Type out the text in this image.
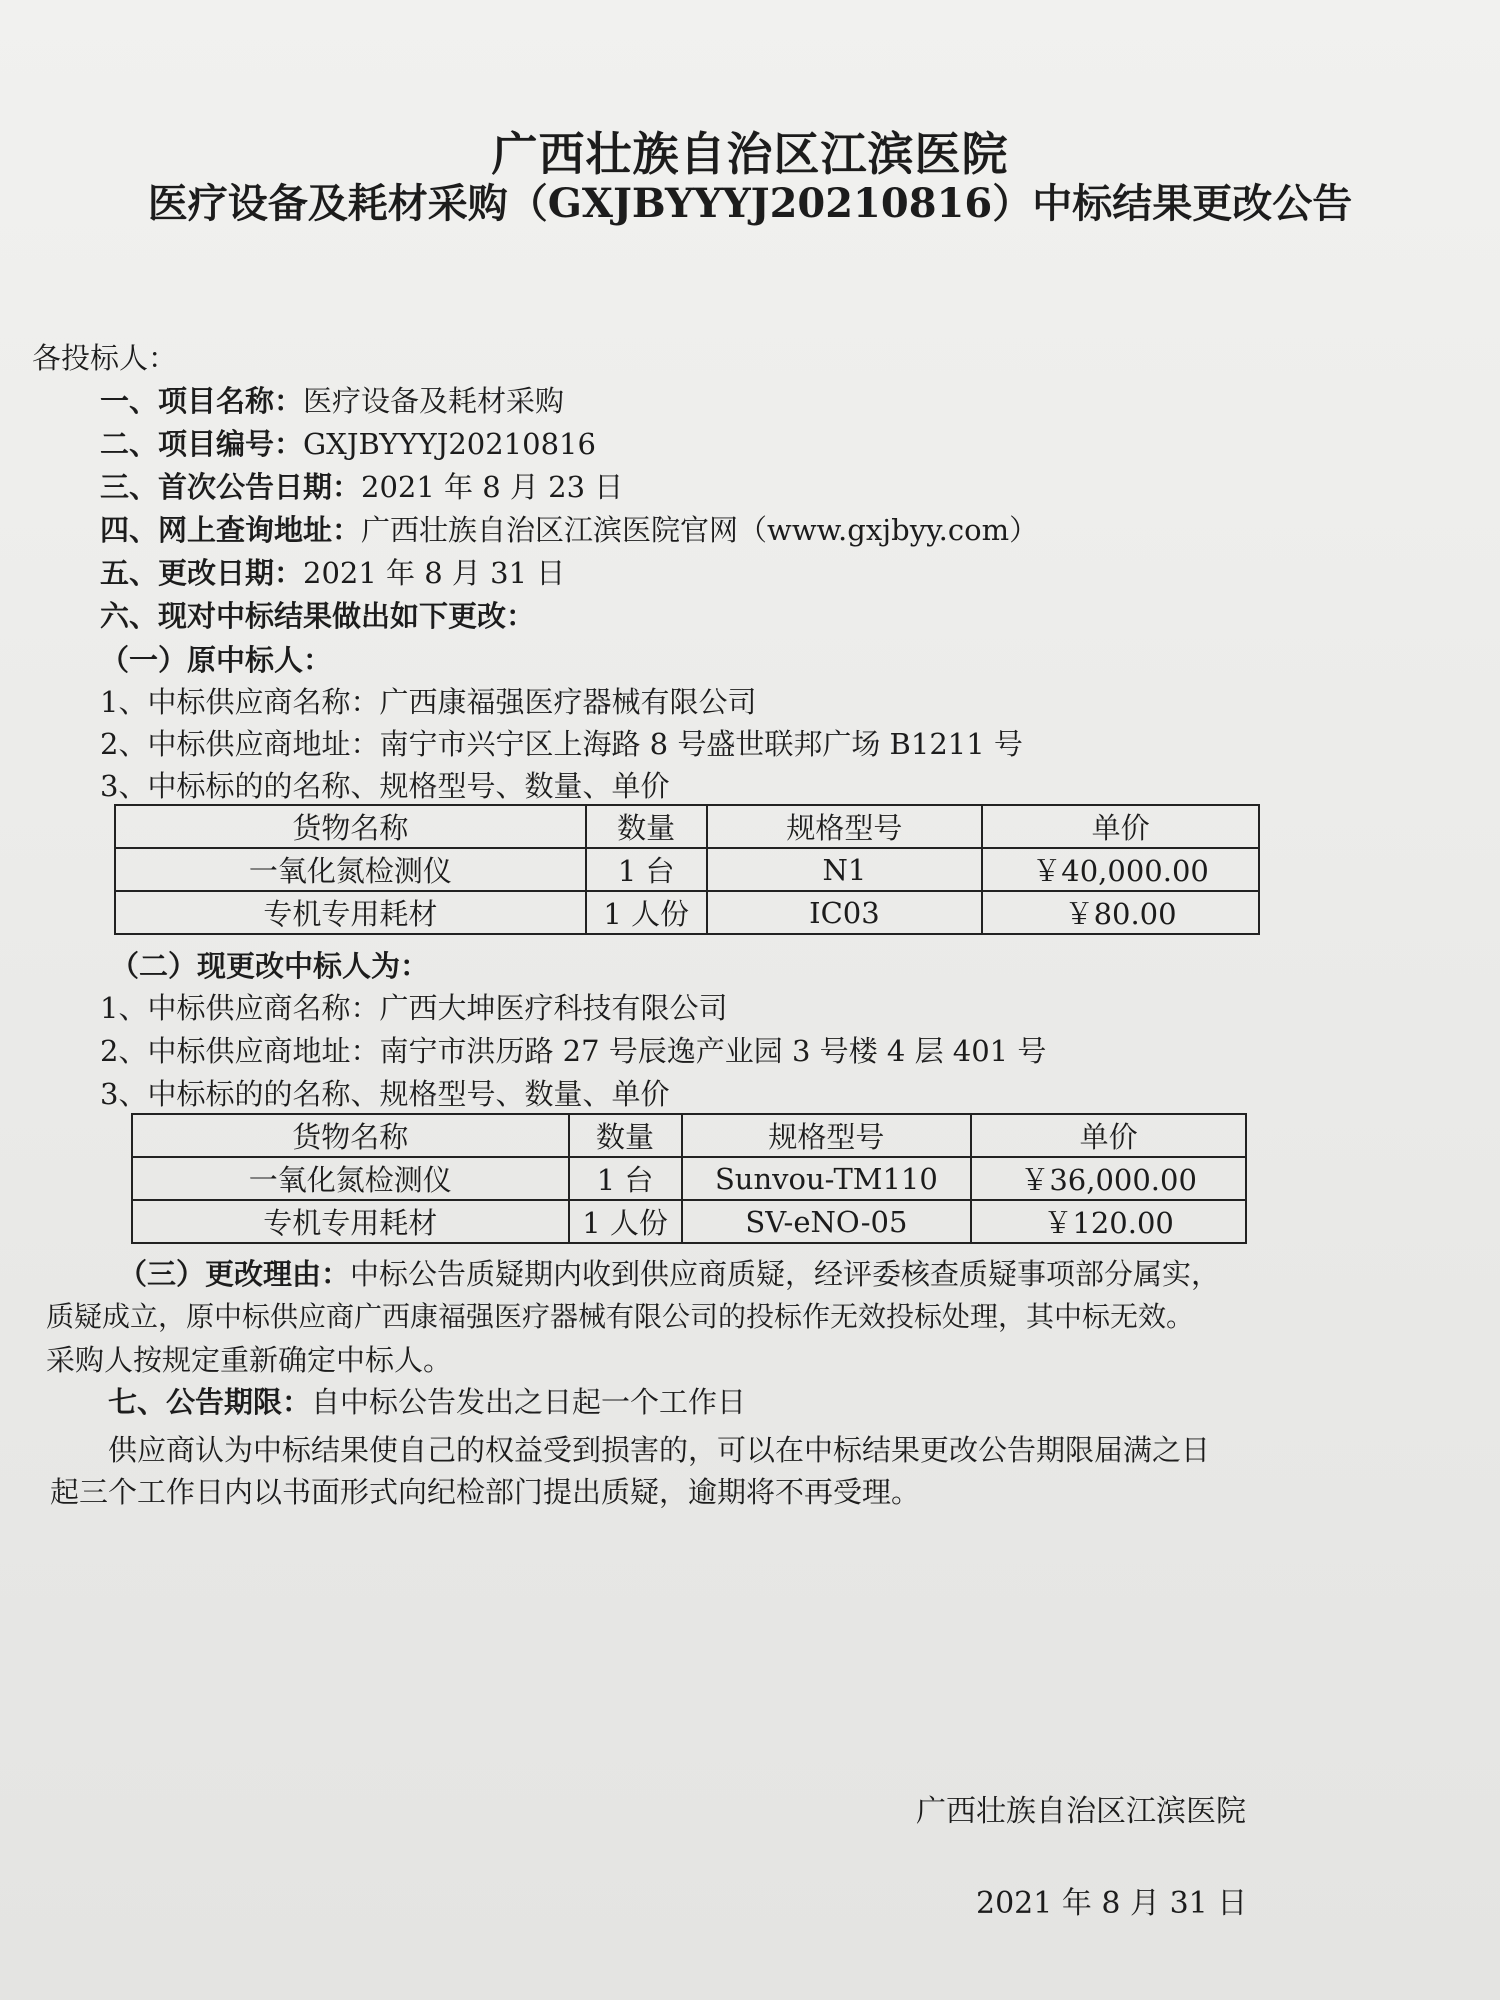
广西壮族自治区江滨医院
医疗设备及耗材采购（GXJBYYYJ20210816）中标结果更改公告
各投标人：
一、项目名称：医疗设备及耗材采购
二、项目编号：GXJBYYYJ20210816
三、首次公告日期：2021 年 8 月 23 日
四、网上查询地址：广西壮族自治区江滨医院官网（www.gxjbyy.com）
五、更改日期：2021 年 8 月 31 日
六、现对中标结果做出如下更改：
（一）原中标人：
1、中标供应商名称：广西康福强医疗器械有限公司
2、中标供应商地址：南宁市兴宁区上海路 8 号盛世联邦广场 B1211 号
3、中标标的的名称、规格型号、数量、单价
货物名称	数量	规格型号	单价
一氧化氮检测仪	1 台	N1	￥40,000.00
专机专用耗材	1 人份	IC03	￥80.00
（二）现更改中标人为：
1、中标供应商名称：广西大坤医疗科技有限公司
2、中标供应商地址：南宁市洪历路 27 号辰逸产业园 3 号楼 4 层 401 号
3、中标标的的名称、规格型号、数量、单价
货物名称	数量	规格型号	单价
一氧化氮检测仪	1 台	Sunvou-TM110	￥36,000.00
专机专用耗材	1 人份	SV-eNO-05	￥120.00
（三）更改理由：中标公告质疑期内收到供应商质疑，经评委核查质疑事项部分属实，
质疑成立，原中标供应商广西康福强医疗器械有限公司的投标作无效投标处理，其中标无效。
采购人按规定重新确定中标人。
七、公告期限：自中标公告发出之日起一个工作日
供应商认为中标结果使自己的权益受到损害的，可以在中标结果更改公告期限届满之日
起三个工作日内以书面形式向纪检部门提出质疑，逾期将不再受理。
广西壮族自治区江滨医院
2021 年 8 月 31 日
